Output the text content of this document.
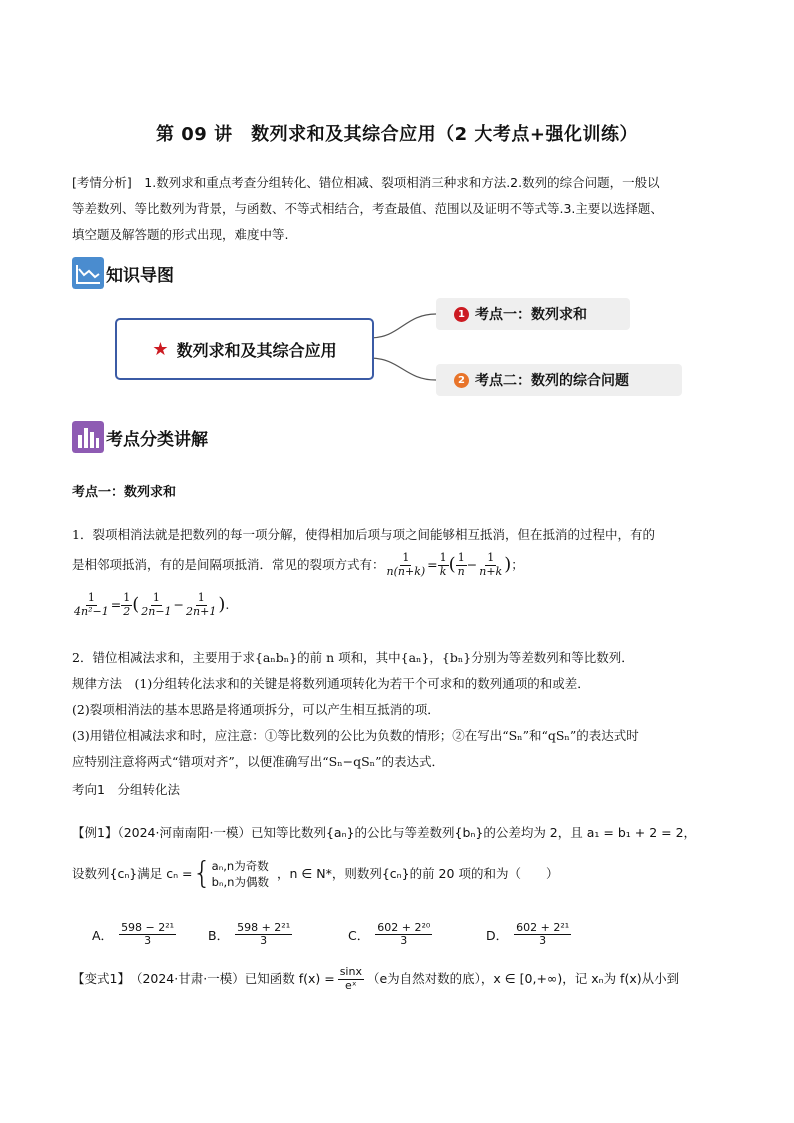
第 09 讲　数列求和及其综合应用（2 大考点+强化训练）
[考情分析]　1.数列求和重点考查分组转化、错位相减、裂项相消三种求和方法.2.数列的综合问题，一般以
等差数列、等比数列为背景，与函数、不等式相结合，考查最值、范围以及证明不等式等.3.主要以选择题、
填空题及解答题的形式出现，难度中等.
知识导图
★ 数列求和及其综合应用
1 考点一：数列求和
2 考点二：数列的综合问题
考点分类讲解
考点一：数列求和
1．裂项相消法就是把数列的每一项分解，使得相加后项与项之间能够相互抵消，但在抵消的过程中，有的
是相邻项抵消，有的是间隔项抵消．常见的裂项方式有： $\frac{1}{n(n+k)} = \frac{1}{k}$ ( $\frac{1}{n} - \frac{1}{n+k}$ ) ；
$\frac{1}{\text{4n²−1}} = \frac{1}{2}$ ( $\frac{1}{2n-1} - \frac{1}{2n+1}$ ) .
2．错位相减法求和，主要用于求{aₙbₙ}的前 n 项和，其中{aₙ}，{bₙ}分别为等差数列和等比数列．
规律方法　(1)分组转化法求和的关键是将数列通项转化为若干个可求和的数列通项的和或差．
(2)裂项相消法的基本思路是将通项拆分，可以产生相互抵消的项．
(3)用错位相减法求和时，应注意：①等比数列的公比为负数的情形；②在写出“Sₙ”和“qSₙ”的表达式时
应特别注意将两式“错项对齐”，以便准确写出“Sₙ−qSₙ”的表达式．
考向1　分组转化法
【例1】（2024·河南南阳·一模）已知等比数列{aₙ}的公比与等差数列{bₙ}的公差均为 2，且 a₁ = b₁ + 2 = 2，
设数列{cₙ}满足 cₙ = { aₙ,n为奇数
bₙ,n为偶数
，n ∈ N*，则数列{cₙ}的前 20 项的和为（　　）
A． $\frac{\text{598 − 2²¹}}{3}$	B． $\frac{\text{598 + 2²¹}}{3}$	C． $\frac{\text{602 + 2²⁰}}{3}$	D． $\frac{\text{602 + 2²¹}}{3}$
【变式1】 （2024·甘肃·一模） 已知函数 $f(x) = \frac{\sin x}{\text{eˣ}} (e$为自然对数的底），x ∈ [0,+∞)，记 xₙ为 f(x)从小到
